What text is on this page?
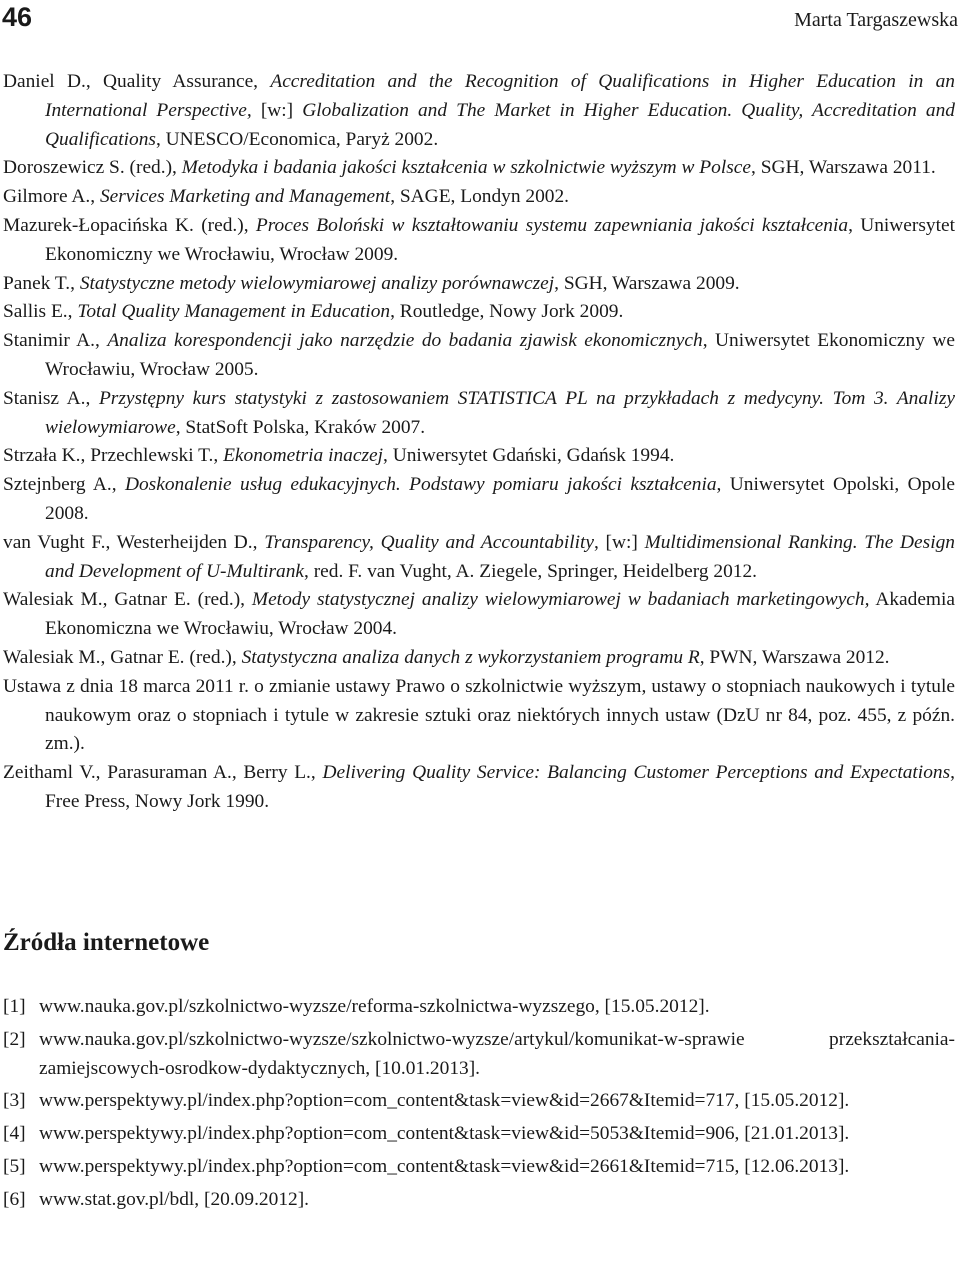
46	Marta Targaszewska
Daniel D., Quality Assurance, Accreditation and the Recognition of Qualifications in Higher Education in an International Perspective, [w:] Globalization and The Market in Higher Education. Quality, Accreditation and Qualifications, UNESCO/Economica, Paryż 2002.
Doroszewicz S. (red.), Metodyka i badania jakości kształcenia w szkolnictwie wyższym w Polsce, SGH, Warszawa 2011.
Gilmore A., Services Marketing and Management, SAGE, Londyn 2002.
Mazurek-Łopacińska K. (red.), Proces Boloński w kształtowaniu systemu zapewniania jakości kształcenia, Uniwersytet Ekonomiczny we Wrocławiu, Wrocław 2009.
Panek T., Statystyczne metody wielowymiarowej analizy porównawczej, SGH, Warszawa 2009.
Sallis E., Total Quality Management in Education, Routledge, Nowy Jork 2009.
Stanimir A., Analiza korespondencji jako narzędzie do badania zjawisk ekonomicznych, Uniwersytet Ekonomiczny we Wrocławiu, Wrocław 2005.
Stanisz A., Przystępny kurs statystyki z zastosowaniem STATISTICA PL na przykładach z medycyny. Tom 3. Analizy wielowymiarowe, StatSoft Polska, Kraków 2007.
Strzała K., Przechlewski T., Ekonometria inaczej, Uniwersytet Gdański, Gdańsk 1994.
Sztejnberg A., Doskonalenie usług edukacyjnych. Podstawy pomiaru jakości kształcenia, Uniwersytet Opolski, Opole 2008.
van Vught F., Westerheijden D., Transparency, Quality and Accountability, [w:] Multidimensional Ranking. The Design and Development of U-Multirank, red. F. van Vught, A. Ziegele, Springer, Heidelberg 2012.
Walesiak M., Gatnar E. (red.), Metody statystycznej analizy wielowymiarowej w badaniach marketingowych, Akademia Ekonomiczna we Wrocławiu, Wrocław 2004.
Walesiak M., Gatnar E. (red.), Statystyczna analiza danych z wykorzystaniem programu R, PWN, Warszawa 2012.
Ustawa z dnia 18 marca 2011 r. o zmianie ustawy Prawo o szkolnictwie wyższym, ustawy o stopniach naukowych i tytule naukowym oraz o stopniach i tytule w zakresie sztuki oraz niektórych innych ustaw (DzU nr 84, poz. 455, z późn. zm.).
Zeithaml V., Parasuraman A., Berry L., Delivering Quality Service: Balancing Customer Perceptions and Expectations, Free Press, Nowy Jork 1990.
Źródła internetowe
[1] www.nauka.gov.pl/szkolnictwo-wyzsze/reforma-szkolnictwa-wyzszego, [15.05.2012].
[2] www.nauka.gov.pl/szkolnictwo-wyzsze/szkolnictwo-wyzsze/artykul/komunikat-w-sprawie przekształcania-zamiejscowych-osrodkow-dydaktycznych, [10.01.2013].
[3] www.perspektywy.pl/index.php?option=com_content&task=view&id=2667&Itemid=717, [15.05.2012].
[4] www.perspektywy.pl/index.php?option=com_content&task=view&id=5053&Itemid=906, [21.01.2013].
[5] www.perspektywy.pl/index.php?option=com_content&task=view&id=2661&Itemid=715, [12.06.2013].
[6] www.stat.gov.pl/bdl, [20.09.2012].
